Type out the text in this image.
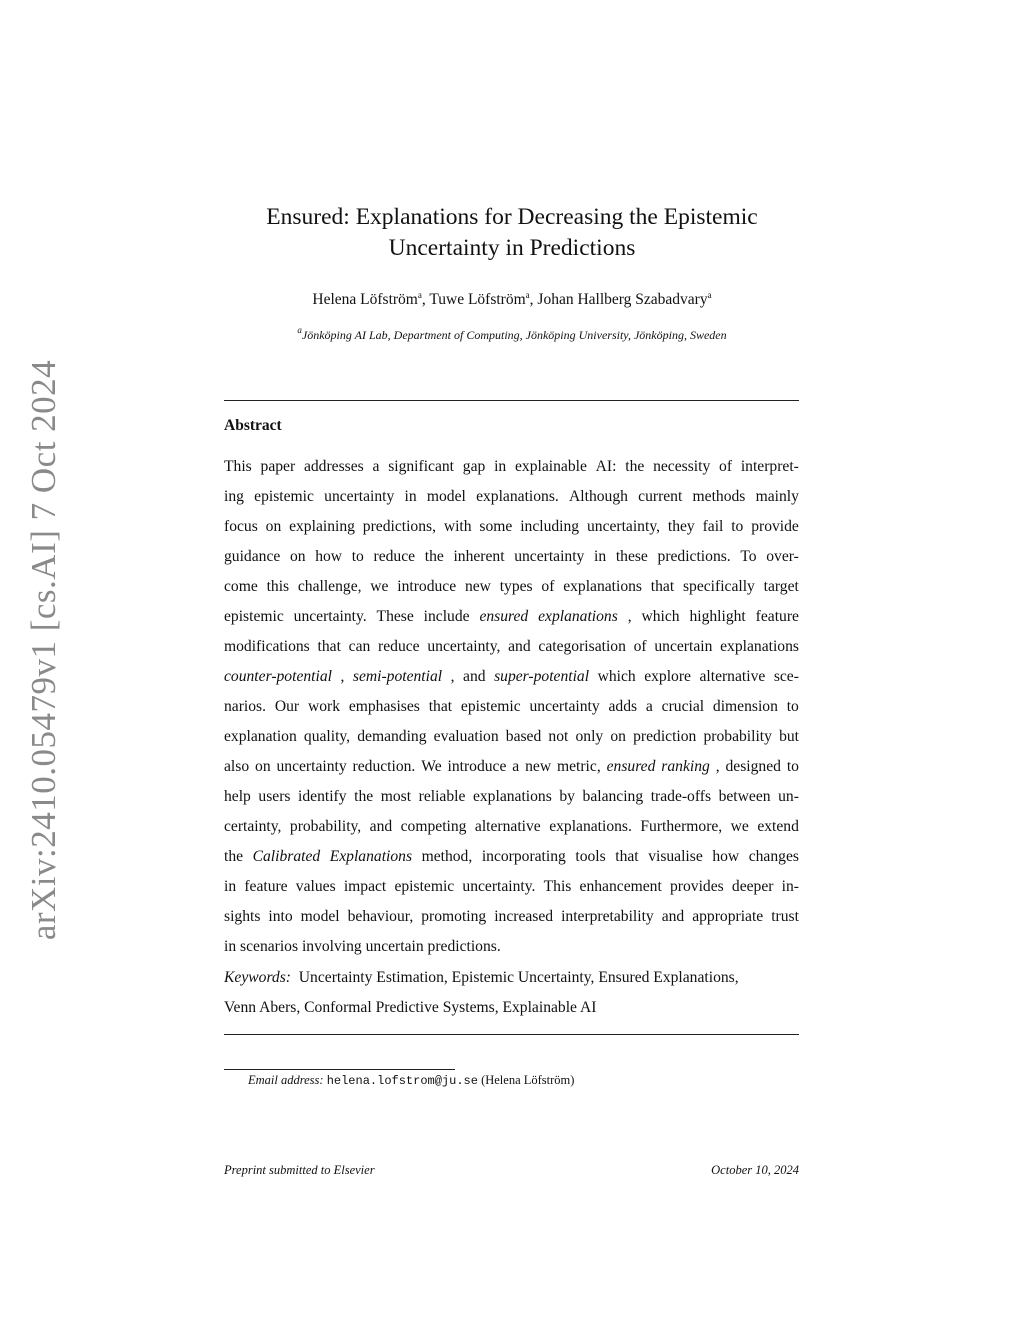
arXiv:2410.05479v1 [cs.AI] 7 Oct 2024
Ensured: Explanations for Decreasing the Epistemic
Uncertainty in Predictions
Helena Löfström$^a$, Tuwe Löfström$^a$, Johan Hallberg Szabadvary$^a$
$^a$Jönköping AI Lab, Department of Computing, Jönköping University, Jönköping, Sweden
Abstract
This paper addresses a significant gap in explainable AI: the necessity of interpret-
ing epistemic uncertainty in model explanations. Although current methods mainly
focus on explaining predictions, with some including uncertainty, they fail to provide
guidance on how to reduce the inherent uncertainty in these predictions. To over-
come this challenge, we introduce new types of explanations that specifically target
epistemic uncertainty. These include ensured explanations , which highlight feature
modifications that can reduce uncertainty, and categorisation of uncertain explanations
counter-potential , semi-potential , and super-potential which explore alternative sce-
narios. Our work emphasises that epistemic uncertainty adds a crucial dimension to
explanation quality, demanding evaluation based not only on prediction probability but
also on uncertainty reduction. We introduce a new metric, ensured ranking , designed to
help users identify the most reliable explanations by balancing trade-offs between un-
certainty, probability, and competing alternative explanations. Furthermore, we extend
the Calibrated Explanations method, incorporating tools that visualise how changes
in feature values impact epistemic uncertainty. This enhancement provides deeper in-
sights into model behaviour, promoting increased interpretability and appropriate trust
in scenarios involving uncertain predictions.
Keywords: Uncertainty Estimation, Epistemic Uncertainty, Ensured Explanations,
Venn Abers, Conformal Predictive Systems, Explainable AI
Email address: helena.lofstrom@ju.se (Helena Löfström)
Preprint submitted to Elsevier	October 10, 2024
